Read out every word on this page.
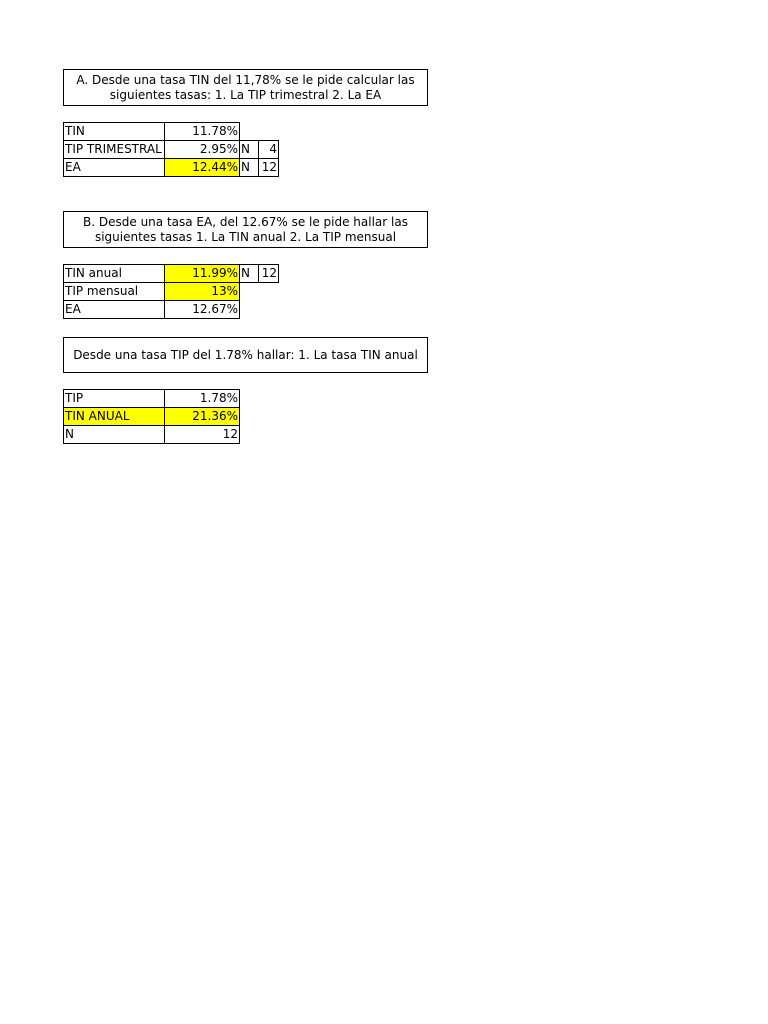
A. Desde una tasa TIN del 11,78% se le pide calcular las siguientes tasas: 1. La TIP trimestral 2. La EA
TIN	11.78%
TIP TRIMESTRAL	2.95% N	4
EA	12.44% N 12
B. Desde una tasa EA, del 12.67% se le pide hallar las siguientes tasas 1. La TIN anual 2. La TIP mensual
TIN anual	11.99% N 12
TIP mensual	13%
EA	12.67%
Desde una tasa TIP del 1.78% hallar: 1. La tasa TIN anual
TIP	1.78%
TIN ANUAL	21.36%
N	12
